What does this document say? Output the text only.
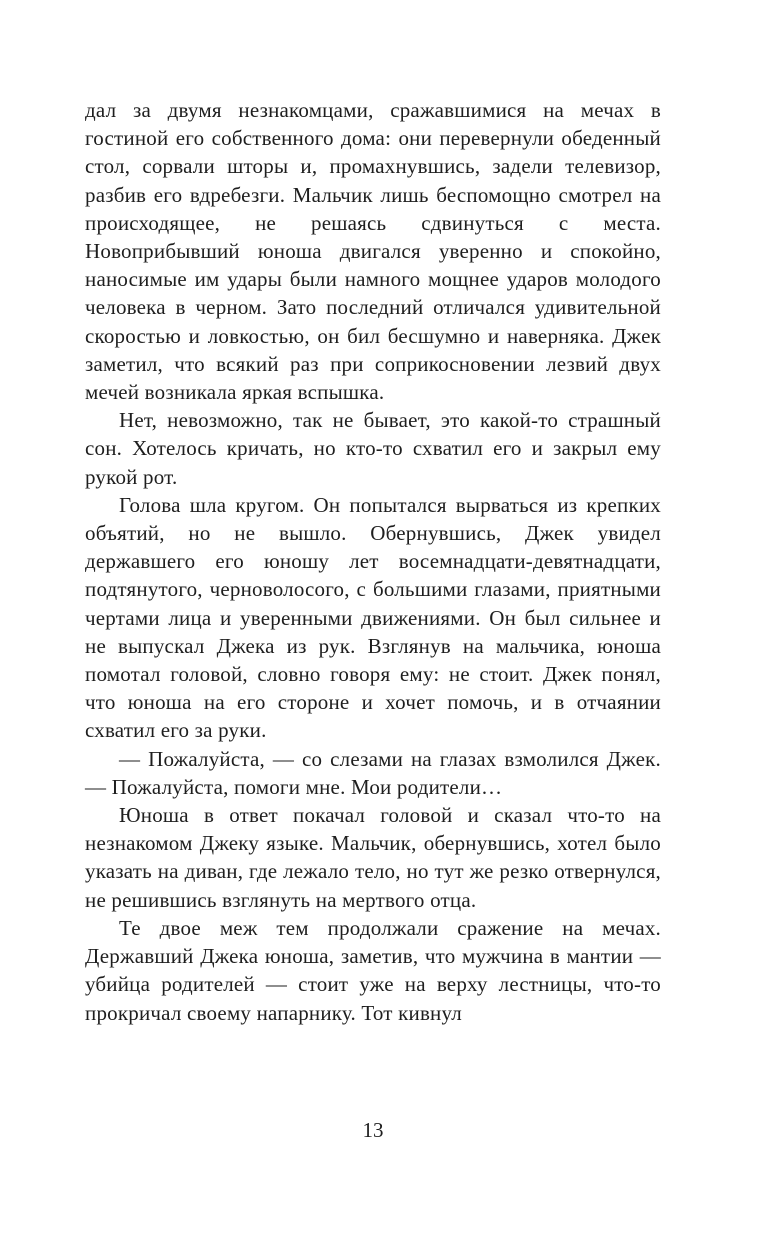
дал за двумя незнакомцами, сражавшимися на мечах в гостиной его собственного дома: они перевернули обеденный стол, сорвали шторы и, промахнувшись, задели телевизор, разбив его вдребезги. Мальчик лишь беспомощно смотрел на происходящее, не решаясь сдвинуться с места. Новоприбывший юноша двигался уверенно и спокойно, наносимые им удары были намного мощнее ударов молодого человека в черном. Зато последний отличался удивительной скоростью и ловкостью, он бил бесшумно и наверняка. Джек заметил, что всякий раз при соприкосновении лезвий двух мечей возникала яркая вспышка.

Нет, невозможно, так не бывает, это какой-то страшный сон. Хотелось кричать, но кто-то схватил его и закрыл ему рукой рот.

Голова шла кругом. Он попытался вырваться из крепких объятий, но не вышло. Обернувшись, Джек увидел державшего его юношу лет восемнадцати-девятнадцати, подтянутого, черноволосого, с большими глазами, приятными чертами лица и уверенными движениями. Он был сильнее и не выпускал Джека из рук. Взглянув на мальчика, юноша помотал головой, словно говоря ему: не стоит. Джек понял, что юноша на его стороне и хочет помочь, и в отчаянии схватил его за руки.

— Пожалуйста, — со слезами на глазах взмолился Джек. — Пожалуйста, помоги мне. Мои родители…

Юноша в ответ покачал головой и сказал что-то на незнакомом Джеку языке. Мальчик, обернувшись, хотел было указать на диван, где лежало тело, но тут же резко отвернулся, не решившись взглянуть на мертвого отца.

Те двое меж тем продолжали сражение на мечах. Державший Джека юноша, заметив, что мужчина в мантии — убийца родителей — стоит уже на верху лестницы, что-то прокричал своему напарнику. Тот кивнул

13
